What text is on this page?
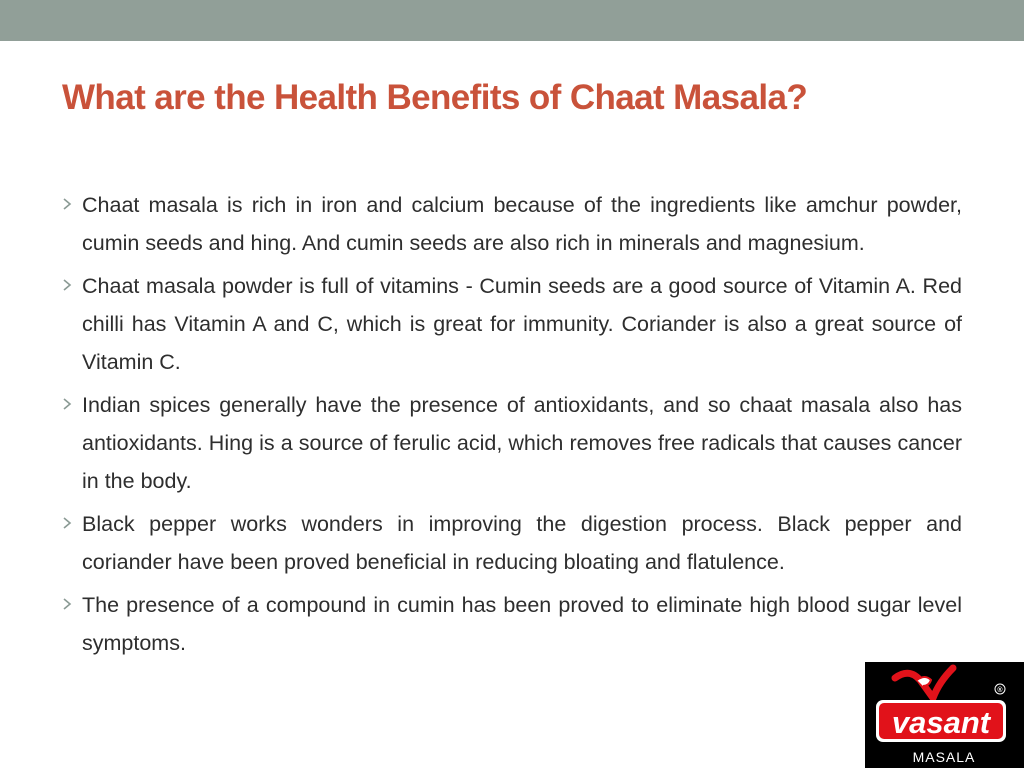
What are the Health Benefits of Chaat Masala?
Chaat masala is rich in iron and calcium because of the ingredients like amchur powder, cumin seeds and hing. And cumin seeds are also rich in minerals and magnesium.
Chaat masala powder is full of vitamins - Cumin seeds are a good source of Vitamin A. Red chilli has Vitamin A and C, which is great for immunity. Coriander is also a great source of Vitamin C.
Indian spices generally have the presence of antioxidants, and so chaat masala also has antioxidants. Hing is a source of ferulic acid, which removes free radicals that causes cancer in the body.
Black pepper works wonders in improving the digestion process. Black pepper and coriander have been proved beneficial in reducing bloating and flatulence.
The presence of a compound in cumin has been proved to eliminate high blood sugar level symptoms.
®
vasant
MASALA
